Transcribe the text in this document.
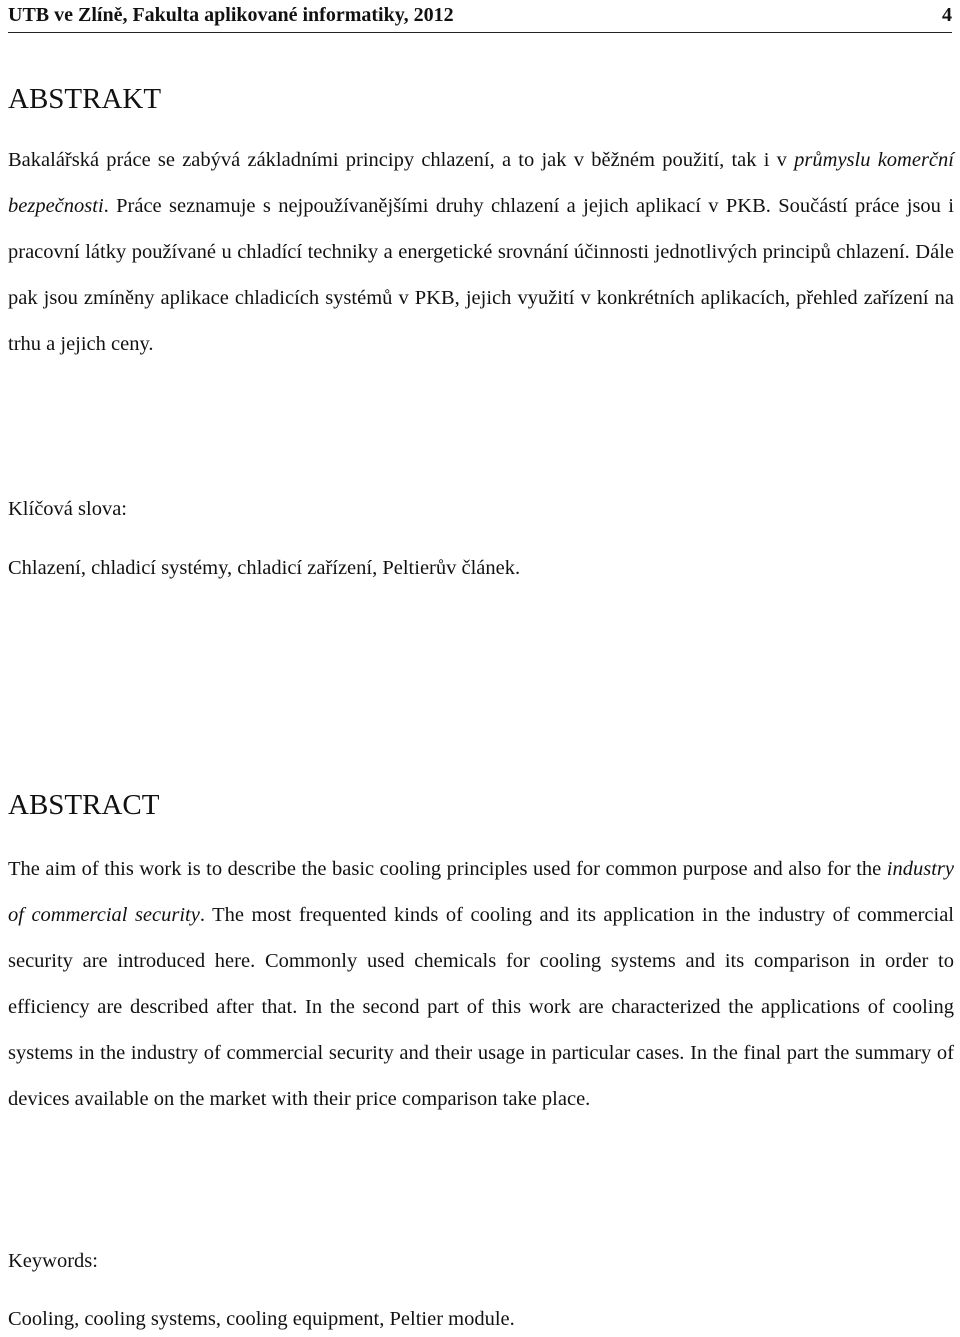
UTB ve Zlíně, Fakulta aplikované informatiky, 2012	4
ABSTRAKT

Bakalářská práce se zabývá základními principy chlazení, a to jak v běžném použití, tak i v průmyslu komerční bezpečnosti. Práce seznamuje s nejpoužívanějšími druhy chlazení a jejich aplikací v PKB. Součástí práce jsou i pracovní látky používané u chladící techniky a energetické srovnání účinnosti jednotlivých principů chlazení. Dále pak jsou zmíněny aplikace chladicích systémů v PKB, jejich využití v konkrétních aplikacích, přehled zařízení na trhu a jejich ceny.

Klíčová slova:
Chlazení, chladicí systémy, chladicí zařízení, Peltierův článek.
ABSTRACT

The aim of this work is to describe the basic cooling principles used for common purpose and also for the industry of commercial security. The most frequented kinds of cooling and its application in the industry of commercial security are introduced here. Commonly used chemicals for cooling systems and its comparison in order to efficiency are described after that. In the second part of this work are characterized the applications of cooling systems in the industry of commercial security and their usage in particular cases. In the final part the summary of devices available on the market with their price comparison take place.

Keywords:
Cooling, cooling systems, cooling equipment, Peltier module.
